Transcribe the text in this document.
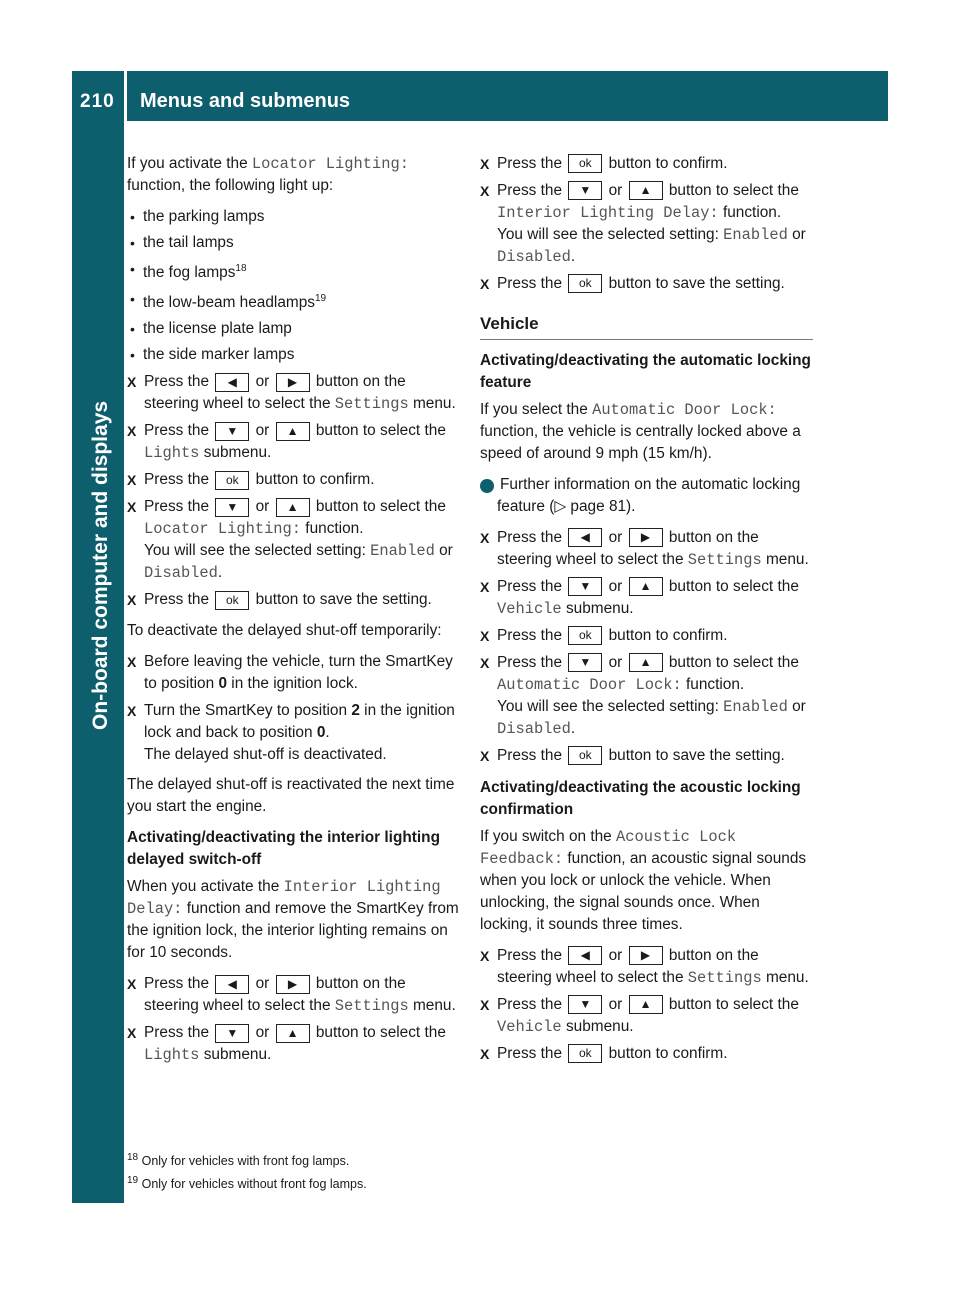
210 Menus and submenus
On-board computer and displays

If you activate the Locator Lighting: function, the following light up:

• the parking lamps
• the tail lamps
• the fog lamps$^{18}$
• the low-beam headlamps$^{19}$
• the license plate lamp
• the side marker lamps
X Press the ◀ or ▶ button on the steering wheel to select the Settings menu.
X Press the ▼ or ▲ button to select the Lights submenu.
X Press the ok button to confirm.
X Press the ▼ or ▲ button to select the Locator Lighting: function.
You will see the selected setting: Enabled or Disabled.
X Press the ok button to save the setting.

To deactivate the delayed shut-off temporarily:

X Before leaving the vehicle, turn the SmartKey to position 0 in the ignition lock.
X Turn the SmartKey to position 2 in the ignition lock and back to position 0.
The delayed shut-off is deactivated.

The delayed shut-off is reactivated the next time you start the engine.

Activating/deactivating the interior lighting delayed switch-off

When you activate the Interior Lighting Delay: function and remove the SmartKey from the ignition lock, the interior lighting remains on for 10 seconds.

X Press the ◀ or ▶ button on the steering wheel to select the Settings menu.
X Press the ▼ or ▲ button to select the Lights submenu.
X Press the ok button to confirm.
X Press the ▼ or ▲ button to select the Interior Lighting Delay: function.
You will see the selected setting: Enabled or Disabled.
X Press the ok button to save the setting.
Vehicle
Activating/deactivating the automatic locking feature

If you select the Automatic Door Lock: function, the vehicle is centrally locked above a speed of around 9 mph (15 km/h).

i Further information on the automatic locking feature (▷ page 81).

X Press the ◀ or ▶ button on the steering wheel to select the Settings menu.
X Press the ▼ or ▲ button to select the Vehicle submenu.
X Press the ok button to confirm.
X Press the ▼ or ▲ button to select the Automatic Door Lock: function.
You will see the selected setting: Enabled or Disabled.
X Press the ok button to save the setting.
Activating/deactivating the acoustic locking confirmation

If you switch on the Acoustic Lock Feedback: function, an acoustic signal sounds when you lock or unlock the vehicle. When unlocking, the signal sounds once. When locking, it sounds three times.

X Press the ◀ or ▶ button on the steering wheel to select the Settings menu.
X Press the ▼ or ▲ button to select the Vehicle submenu.
X Press the ok button to confirm.
$^{18}$ Only for vehicles with front fog lamps.
$^{19}$ Only for vehicles without front fog lamps.
